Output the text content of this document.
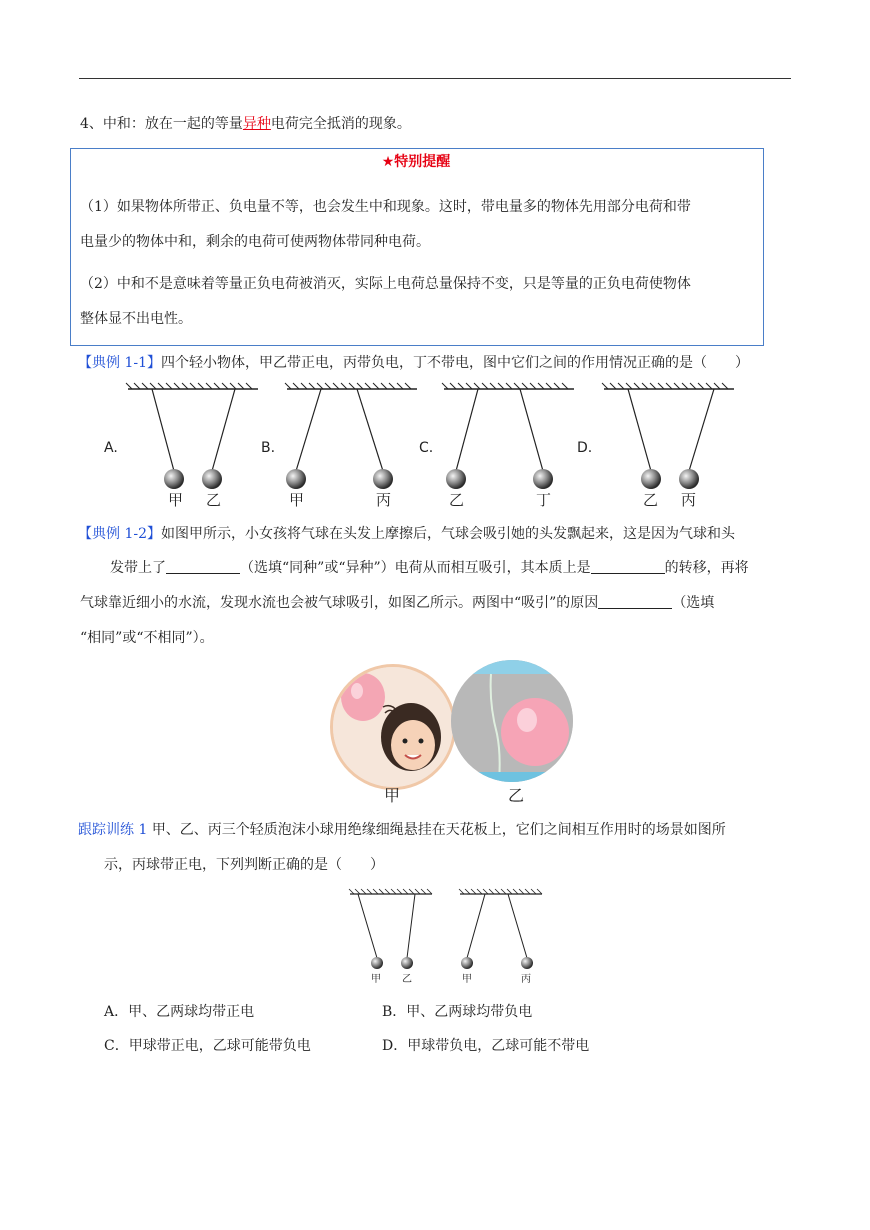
4、中和：放在一起的等量异种电荷完全抵消的现象。
★特别提醒
（1）如果物体所带正、负电量不等，也会发生中和现象。这时，带电量多的物体先用部分电荷和带
电量少的物体中和，剩余的电荷可使两物体带同种电荷。
（2）中和不是意味着等量正负电荷被消灭，实际上电荷总量保持不变，只是等量的正负电荷使物体
整体显不出电性。
【典例 1-1】四个轻小物体，甲乙带正电，丙带负电，丁不带电，图中它们之间的作用情况正确的是（　　）
A.	B.	C.	D.
甲 乙	甲	丙	乙	丁	乙 丙
【典例 1-2】如图甲所示，小女孩将气球在头发上摩擦后，气球会吸引她的头发飘起来，这是因为气球和头
发带上了	（选填“同种”或“异种”）电荷从而相互吸引，其本质上是	的转移，再将
气球靠近细小的水流，发现水流也会被气球吸引，如图乙所示。两图中“吸引”的原因	（选填
“相同”或“不相同”）。
甲	乙
跟踪训练 1 甲、乙、丙三个轻质泡沫小球用绝缘细绳悬挂在天花板上，它们之间相互作用时的场景如图所
示，丙球带正电，下列判断正确的是（　　）
甲 乙	甲	丙
A．甲、乙两球均带正电	B．甲、乙两球均带负电
C．甲球带正电，乙球可能带负电	D．甲球带负电，乙球可能不带电
